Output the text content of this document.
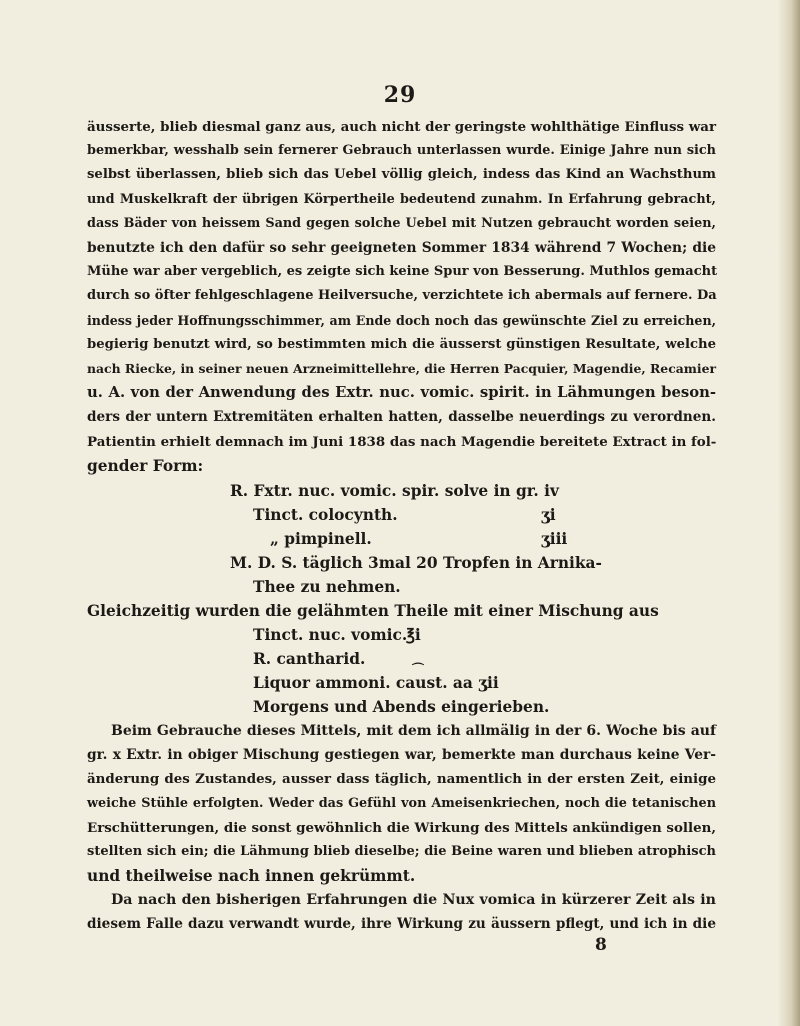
29
äusserte, blieb diesmal ganz aus, auch nicht der geringste wohlthätige Einfluss war
bemerkbar, wesshalb sein fernerer Gebrauch unterlassen wurde. Einige Jahre nun sich
selbst überlassen, blieb sich das Uebel völlig gleich, indess das Kind an Wachsthum
und Muskelkraft der übrigen Körpertheile bedeutend zunahm. In Erfahrung gebracht,
dass Bäder von heissem Sand gegen solche Uebel mit Nutzen gebraucht worden seien,
benutzte ich den dafür so sehr geeigneten Sommer 1834 während 7 Wochen; die
Mühe war aber vergeblich, es zeigte sich keine Spur von Besserung. Muthlos gemacht
durch so öfter fehlgeschlagene Heilversuche, verzichtete ich abermals auf fernere. Da
indess jeder Hoffnungsschimmer, am Ende doch noch das gewünschte Ziel zu erreichen,
begierig benutzt wird, so bestimmten mich die äusserst günstigen Resultate, welche
nach Riecke, in seiner neuen Arzneimittellehre, die Herren Pacquier, Magendie, Recamier
u. A. von der Anwendung des Extr. nuc. vomic. spirit. in Lähmungen beson-
ders der untern Extremitäten erhalten hatten, dasselbe neuerdings zu verordnen.
Patientin erhielt demnach im Juni 1838 das nach Magendie bereitete Extract in fol-
gender Form:
R. Fxtr. nuc. vomic. spir. solve in gr. iv
Tinct. colocynth.	ʒi
„ pimpinell.	ʒiii
M. D. S. täglich 3mal 20 Tropfen in Arnika-
Thee zu nehmen.
Gleichzeitig wurden die gelähmten Theile mit einer Mischung aus
Tinct. nuc. vomic.
℥i
R. cantharid.
⌒
Liquor ammoni. caust. aa ʒii
Morgens und Abends eingerieben.
Beim Gebrauche dieses Mittels, mit dem ich allmälig in der 6. Woche bis auf
gr. x Extr. in obiger Mischung gestiegen war, bemerkte man durchaus keine Ver-
änderung des Zustandes, ausser dass täglich, namentlich in der ersten Zeit, einige
weiche Stühle erfolgten. Weder das Gefühl von Ameisenkriechen, noch die tetanischen
Erschütterungen, die sonst gewöhnlich die Wirkung des Mittels ankündigen sollen,
stellten sich ein; die Lähmung blieb dieselbe; die Beine waren und blieben atrophisch
und theilweise nach innen gekrümmt.
Da nach den bisherigen Erfahrungen die Nux vomica in kürzerer Zeit als in
diesem Falle dazu verwandt wurde, ihre Wirkung zu äussern pflegt, und ich in die
8
